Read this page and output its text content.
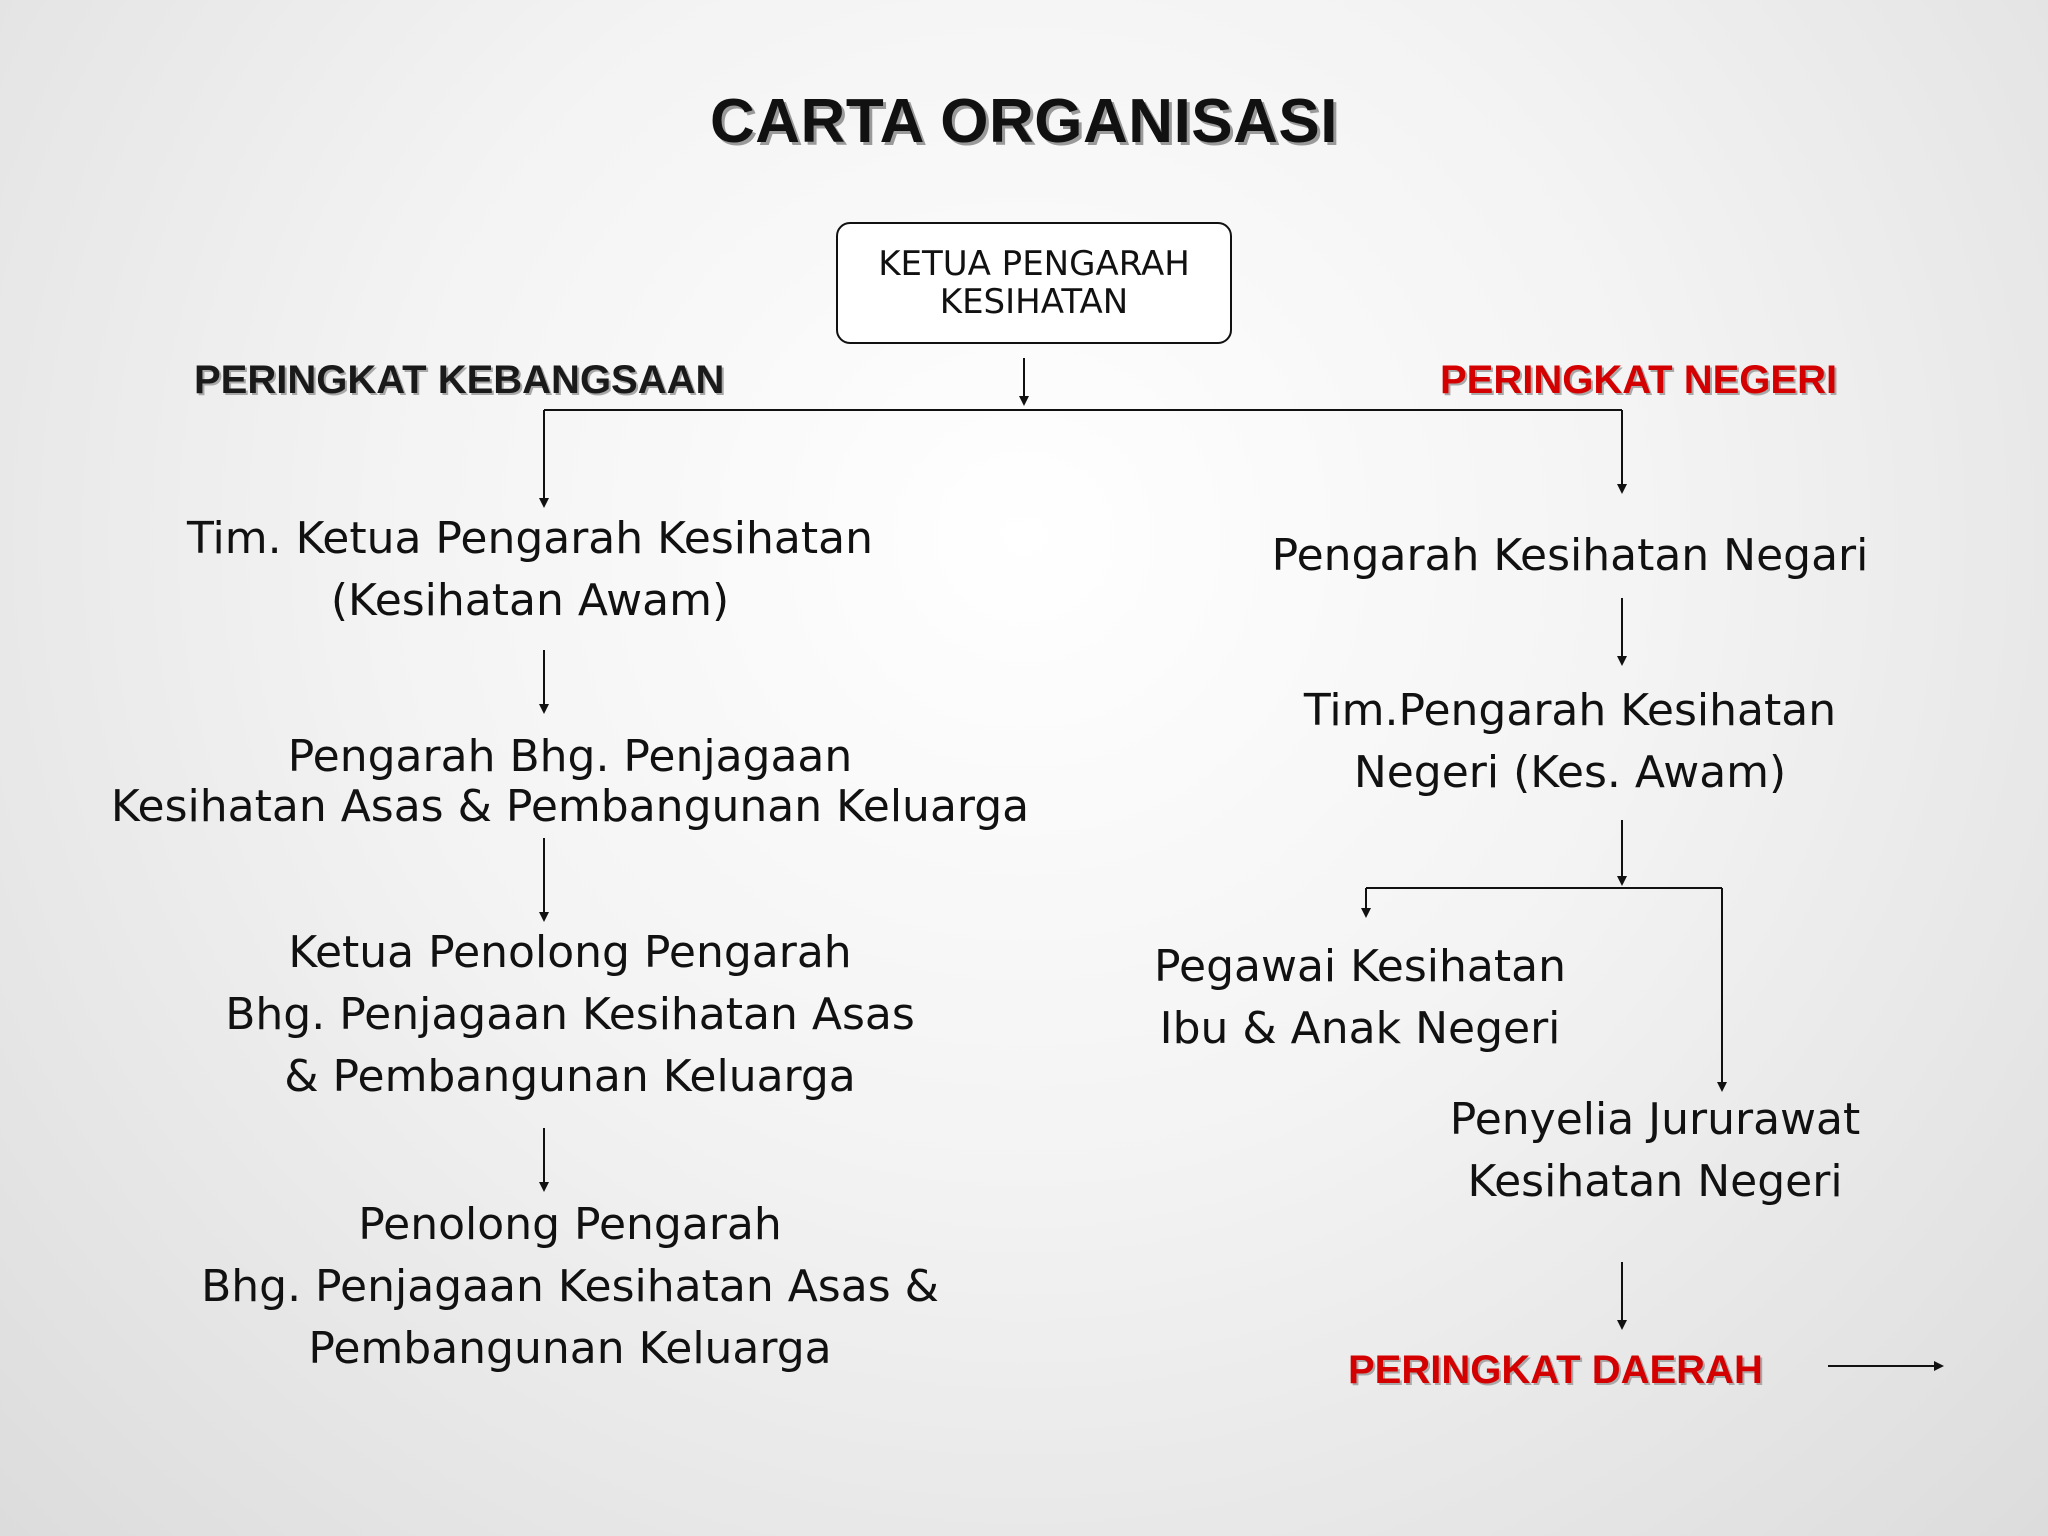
CARTA ORGANISASI
KETUA PENGARAH
KESIHATAN
PERINGKAT KEBANGSAAN	PERINGKAT NEGERI
PERINGKAT DAERAH
Tim. Ketua Pengarah Kesihatan
(Kesihatan Awam)
Pengarah Bhg. Penjagaan
Kesihatan Asas & Pembangunan Keluarga
Ketua Penolong Pengarah
Bhg. Penjagaan Kesihatan Asas
& Pembangunan Keluarga
Penolong Pengarah
Bhg. Penjagaan Kesihatan Asas &
Pembangunan Keluarga
Pengarah Kesihatan Negari
Tim.Pengarah Kesihatan
Negeri (Kes. Awam)
Pegawai Kesihatan
Ibu & Anak Negeri
Penyelia Jururawat
Kesihatan Negeri
